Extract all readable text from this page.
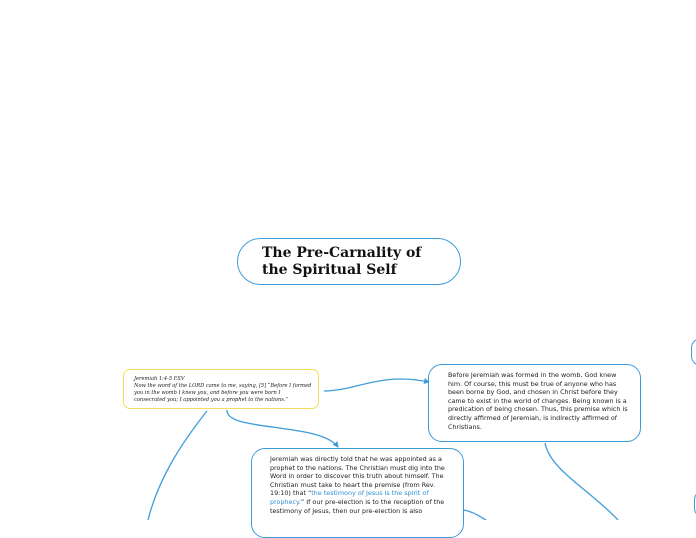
The Pre-Carnality of

the Spiritual Self

Jeremiah 1:4-5 ESV
Now the word of the LORD came to me, saying, [5] “Before I formed you in the womb I knew you, and before you were born I consecrated you; I appointed you a prophet to the nations.”
Before Jeremiah was formed in the womb, God knew him. Of course, this must be true of anyone who has been borne by God, and chosen in Christ before they came to exist in the world of changes. Being known is a predication of being chosen. Thus, this premise which is directly affirmed of Jeremiah, is indirectly affirmed of Christians.
Jeremiah was directly told that he was appointed as a prophet to the nations. The Christian must dig into the Word in order to discover this truth about himself. The Christian must take to heart the premise (from Rev. 19:10) that “the testimony of Jesus is the spirit of prophecy.” If our pre-election is to the reception of the testimony of Jesus, then our pre-election is also
